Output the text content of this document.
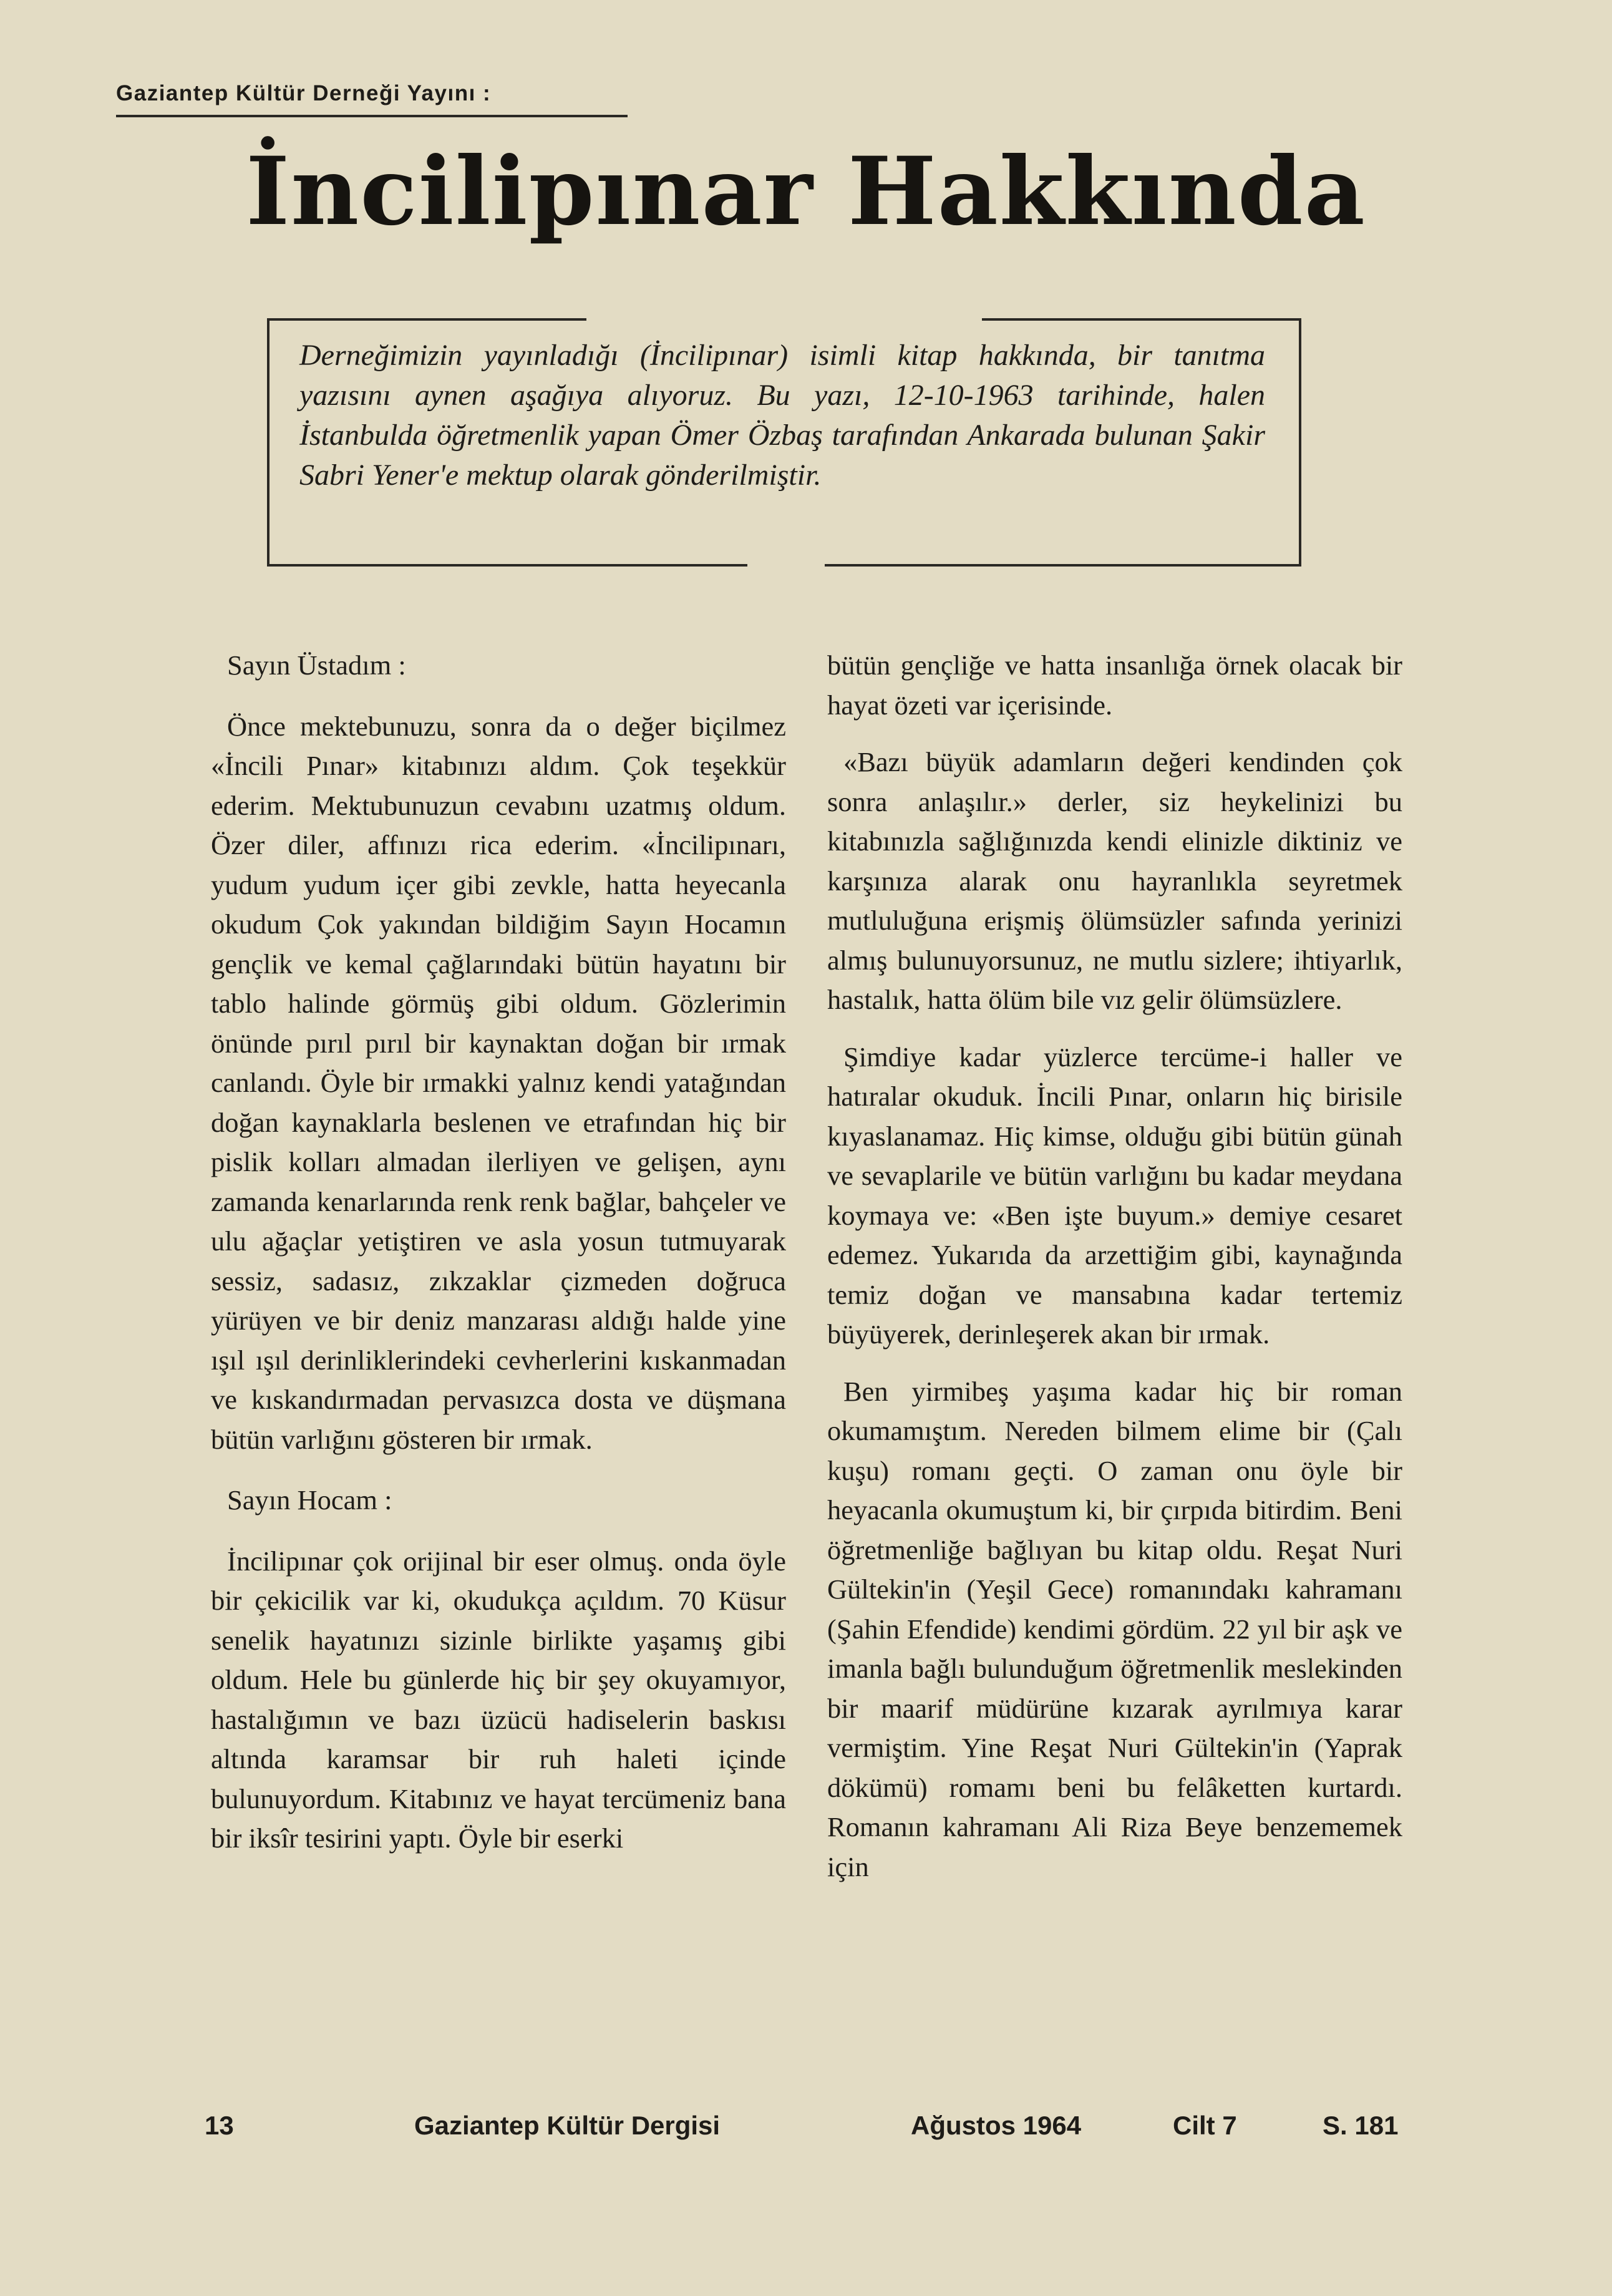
Gaziantep Kültür Derneği Yayını :
İncilipınar Hakkında
Derneğimizin yayınladığı (İncilipınar) isimli kitap hakkında, bir tanıtma yazısını aynen aşağıya alıyoruz. Bu yazı, 12-10-1963 tarihinde, halen İstanbulda öğretmenlik yapan Ömer Özbaş tarafından Ankarada bulunan Şakir Sabri Yener'e mektup olarak gönderilmiştir.

Sayın Üstadım :

Önce mektebunuzu, sonra da o değer biçilmez «İncili Pınar» kitabınızı aldım. Çok teşekkür ederim. Mektubunuzun cevabını uzatmış oldum. Özer diler, affınızı rica ederim. «İncilipınarı, yudum yudum içer gibi zevkle, hatta heyecanla okudum Çok yakından bildiğim Sayın Hocamın gençlik ve kemal çağlarındaki bütün hayatını bir tablo halinde görmüş gibi oldum. Gözlerimin önünde pırıl pırıl bir kaynaktan doğan bir ırmak canlandı. Öyle bir ırmakki yalnız kendi yatağından doğan kaynaklarla beslenen ve etrafından hiç bir pislik kolları almadan ilerliyen ve gelişen, aynı zamanda kenarlarında renk renk bağlar, bahçeler ve ulu ağaçlar yetiştiren ve asla yosun tutmuyarak sessiz, sadasız, zıkzaklar çizmeden doğruca yürüyen ve bir deniz manzarası aldığı halde yine ışıl ışıl derinliklerindeki cevherlerini kıskanmadan ve kıskandırmadan pervasızca dosta ve düşmana bütün varlığını gösteren bir ırmak.

Sayın Hocam :

İncilipınar çok orijinal bir eser olmuş. onda öyle bir çekicilik var ki, okudukça açıldım. 70 Küsur senelik hayatınızı sizinle birlikte yaşamış gibi oldum. Hele bu günlerde hiç bir şey okuyamıyor, hastalığımın ve bazı üzücü hadiselerin baskısı altında karamsar bir ruh haleti içinde bulunuyordum. Kitabınız ve hayat tercümeniz bana bir iksîr tesirini yaptı. Öyle bir eserki

bütün gençliğe ve hatta insanlığa örnek olacak bir hayat özeti var içerisinde.

«Bazı büyük adamların değeri kendinden çok sonra anlaşılır.» derler, siz heykelinizi bu kitabınızla sağlığınızda kendi elinizle diktiniz ve karşınıza alarak onu hayranlıkla seyretmek mutluluğuna erişmiş ölümsüzler safında yerinizi almış bulunuyorsunuz, ne mutlu sizlere; ihtiyarlık, hastalık, hatta ölüm bile vız gelir ölümsüzlere.

Şimdiye kadar yüzlerce tercüme-i haller ve hatıralar okuduk. İncili Pınar, onların hiç birisile kıyaslanamaz. Hiç kimse, olduğu gibi bütün günah ve sevaplarile ve bütün varlığını bu kadar meydana koymaya ve: «Ben işte buyum.» demiye cesaret edemez. Yukarıda da arzettiğim gibi, kaynağında temiz doğan ve mansabına kadar tertemiz büyüyerek, derinleşerek akan bir ırmak.

Ben yirmibeş yaşıma kadar hiç bir roman okumamıştım. Nereden bilmem elime bir (Çalı kuşu) romanı geçti. O zaman onu öyle bir heyacanla okumuştum ki, bir çırpıda bitirdim. Beni öğretmenliğe bağlıyan bu kitap oldu. Reşat Nuri Gültekin'in (Yeşil Gece) romanındakı kahramanı (Şahin Efendide) kendimi gördüm. 22 yıl bir aşk ve imanla bağlı bulunduğum öğretmenlik meslekinden bir maarif müdürüne kızarak ayrılmıya karar vermiştim. Yine Reşat Nuri Gültekin'in (Yaprak dökümü) romamı beni bu felâketten kurtardı. Romanın kahramanı Ali Riza Beye benzememek için

13	Gaziantep Kültür Dergisi	Ağustos 1964	Cilt 7	S. 181
